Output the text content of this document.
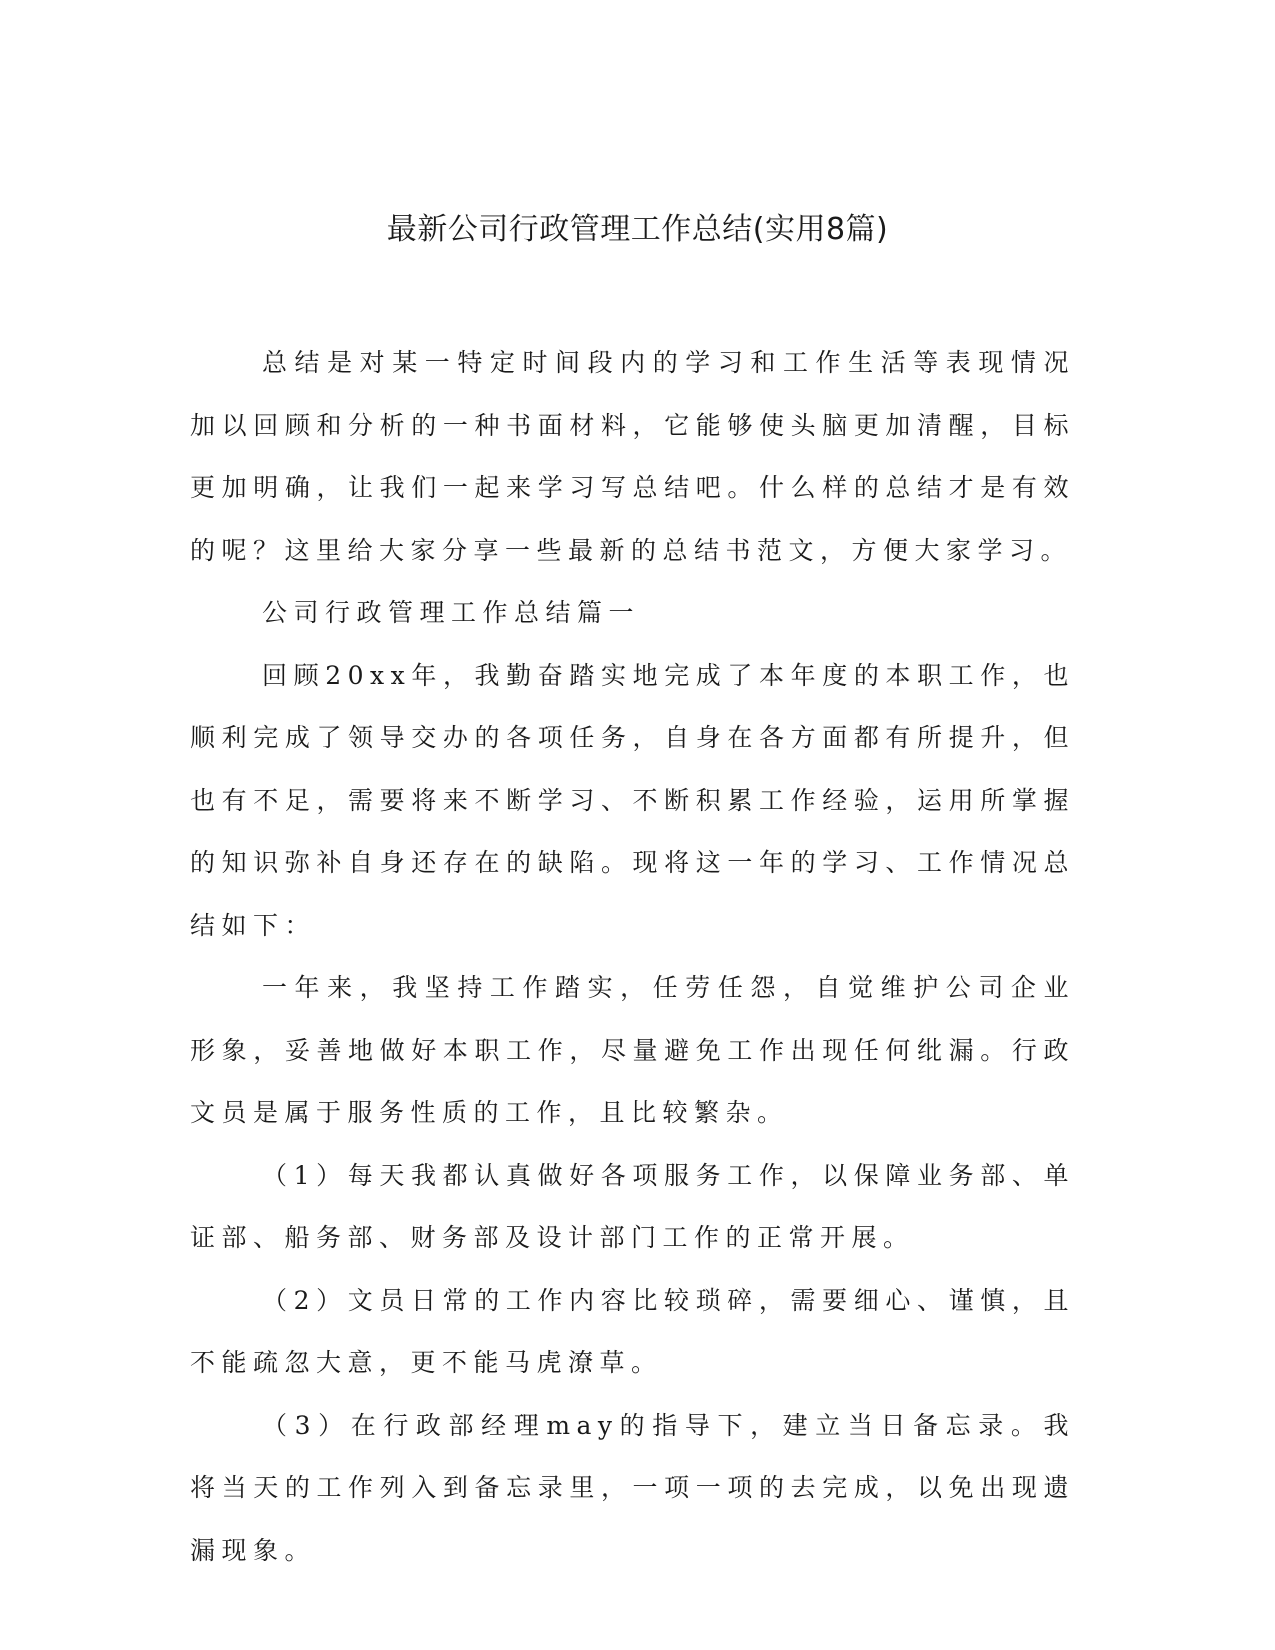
最新公司行政管理工作总结(实用8篇)

总结是对某一特定时间段内的学习和工作生活等表现情况加以回顾和分析的一种书面材料，它能够使头脑更加清醒，目标更加明确，让我们一起来学习写总结吧。什么样的总结才是有效的呢？这里给大家分享一些最新的总结书范文，方便大家学习。

公司行政管理工作总结篇一

回顾20xx年，我勤奋踏实地完成了本年度的本职工作，也顺利完成了领导交办的各项任务，自身在各方面都有所提升，但也有不足，需要将来不断学习、不断积累工作经验，运用所掌握的知识弥补自身还存在的缺陷。现将这一年的学习、工作情况总结如下：

一年来，我坚持工作踏实，任劳任怨，自觉维护公司企业形象，妥善地做好本职工作，尽量避免工作出现任何纰漏。行政文员是属于服务性质的工作，且比较繁杂。

（1）每天我都认真做好各项服务工作，以保障业务部、单证部、船务部、财务部及设计部门工作的正常开展。

（2）文员日常的工作内容比较琐碎，需要细心、谨慎，且不能疏忽大意，更不能马虎潦草。

（3）在行政部经理may的指导下，建立当日备忘录。我将当天的工作列入到备忘录里，一项一项的去完成，以免出现遗漏现象。
